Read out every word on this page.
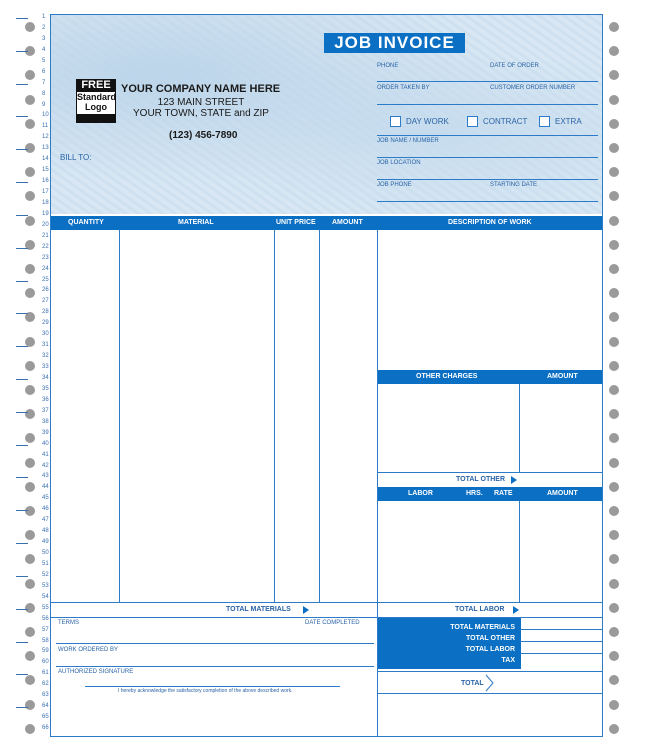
1
2
3
4
5
6
7
8
9
10
11
12
13
14
15
16
17
18
19
20
21
22
23
24
25
26
27
28
29
30
31
32
33
34
35
36
37
38
39
40
41
42
43
44
45
46
47
48
49
50
51
52
53
54
55
56
57
58
59
60
61
62
63
64
65
66
JOB INVOICE
FREE
Standard
Logo
YOUR COMPANY NAME HERE
123 MAIN STREET
YOUR TOWN, STATE and ZIP
(123) 456-7890
BILL TO:
PHONE	DATE OF ORDER
ORDER TAKEN BY	CUSTOMER ORDER NUMBER
DAY WORK	CONTRACT	EXTRA
JOB NAME / NUMBER
JOB LOCATION
JOB PHONE	STARTING DATE
QUANTITY	MATERIAL	UNIT PRICE AMOUNT	DESCRIPTION OF WORK
OTHER CHARGES	AMOUNT
TOTAL OTHER
LABOR	HRS. RATE	AMOUNT
TOTAL MATERIALS	TOTAL LABOR
TERMS	DATE COMPLETED
WORK ORDERED BY
AUTHORIZED SIGNATURE
I hereby acknowledge the satisfactory completion of the above described work.
TOTAL MATERIALS
TOTAL OTHER
TOTAL LABOR
TAX
TOTAL
